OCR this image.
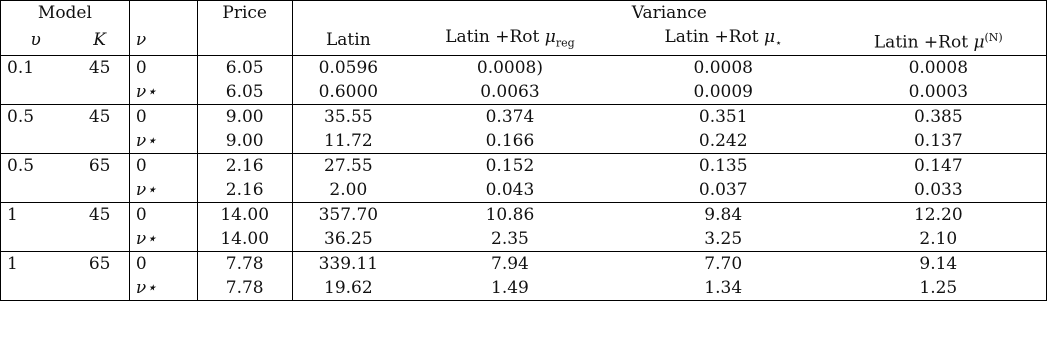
Model			Price	Variance			
υ	K	ν		Latin	Latin +Rot $\mu_{reg}$	Latin +Rot $\mu_⋆$	Latin +Rot $\mu^{(N)}$
0.1	45	0	6.05	0.0596	0.0008)	0.0008	0.0008
		ν⋆	6.05	0.6000	0.0063	0.0009	0.0003
0.5	45	0	9.00	35.55	0.374	0.351	0.385
		ν⋆	9.00	11.72	0.166	0.242	0.137
0.5	65	0	2.16	27.55	0.152	0.135	0.147
		ν⋆	2.16	2.00	0.043	0.037	0.033
1	45	0	14.00	357.70	10.86	9.84	12.20
		ν⋆	14.00	36.25	2.35	3.25	2.10
1	65	0	7.78	339.11	7.94	7.70	9.14
		ν⋆	7.78	19.62	1.49	1.34	1.25
